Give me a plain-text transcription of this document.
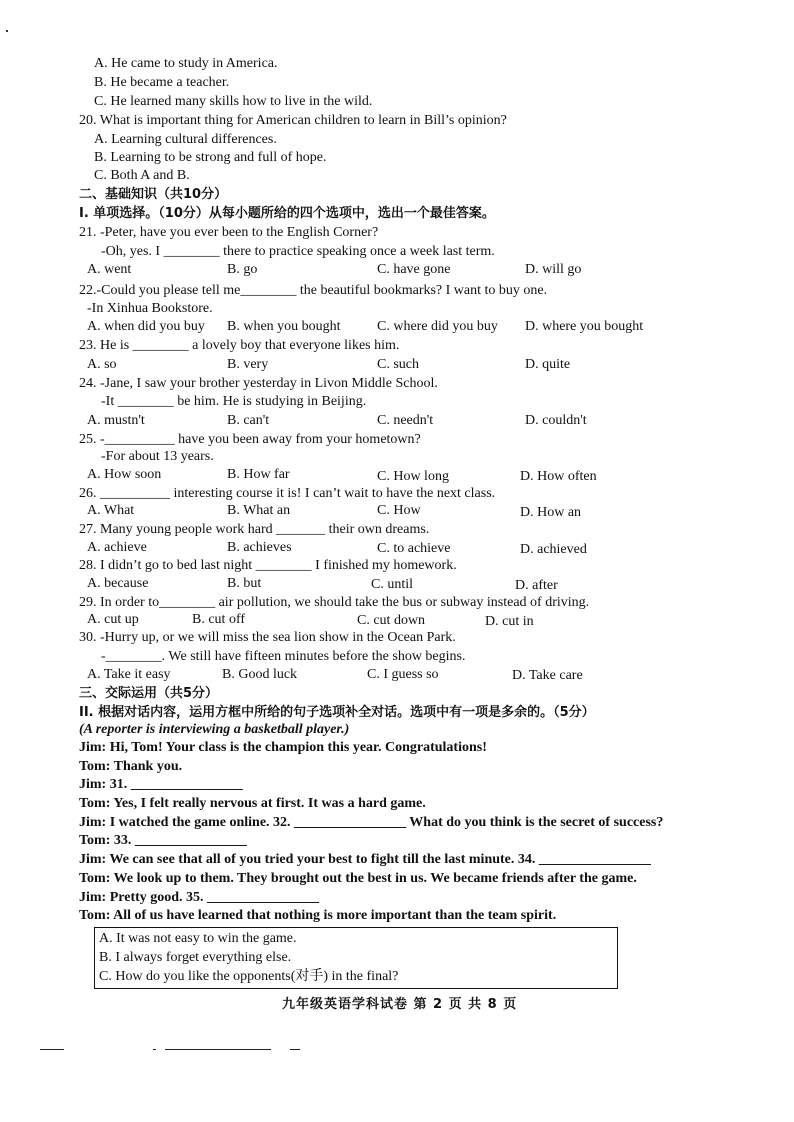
A. He came to study in America.
B. He became a teacher.
C. He learned many skills how to live in the wild.
20. What is important thing for American children to learn in Bill’s opinion?
A. Learning cultural differences.
B. Learning to be strong and full of hope.
C. Both A and B.
二、基础知识（共10分）
I. 单项选择。（10分）从每小题所给的四个选项中，选出一个最佳答案。
21. -Peter, have you ever been to the English Corner?
-Oh, yes. I ________ there to practice speaking once a week last term.
A. went	B. go	C. have gone	D. will go
22.-Could you please tell me________ the beautiful bookmarks? I want to buy one.
-In Xinhua Bookstore.
A. when did you buy B. when you bought	C. where did you buy D. where you bought
23. He is ________ a lovely boy that everyone likes him.
A. so	B. very	C. such	D. quite
24. -Jane, I saw your brother yesterday in Livon Middle School.
-It ________ be him. He is studying in Beijing.
A. mustn't	B. can't	C. needn't	D. couldn't
25. -__________ have you been away from your hometown?
-For about 13 years.
A. How soon	B. How far	C. How long	D. How often
26. __________ interesting course it is! I can’t wait to have the next class.
A. What	B. What an	C. How	D. How an
27. Many young people work hard _______ their own dreams.
A. achieve	B. achieves	C. to achieve	D. achieved
28. I didn’t go to bed last night ________ I finished my homework.
A. because	B. but	C. until	D. after
29. In order to________ air pollution, we should take the bus or subway instead of driving.
A. cut up	B. cut off	C. cut down	D. cut in
30. -Hurry up, or we will miss the sea lion show in the Ocean Park.
-________. We still have fifteen minutes before the show begins.
A. Take it easy	B. Good luck	C. I guess so	D. Take care
三、交际运用（共5分）
II. 根据对话内容，运用方框中所给的句子选项补全对话。选项中有一项是多余的。（5分）
(A reporter is interviewing a basketball player.)
Jim: Hi, Tom! Your class is the champion this year. Congratulations!
Tom: Thank you.
Jim: 31. ________________
Tom: Yes, I felt really nervous at first. It was a hard game.
Jim: I watched the game online. 32. ________________ What do you think is the secret of success?
Tom: 33. ________________
Jim: We can see that all of you tried your best to fight till the last minute. 34. ________________
Tom: We look up to them. They brought out the best in us. We became friends after the game.
Jim: Pretty good. 35. ________________
Tom: All of us have learned that nothing is more important than the team spirit.
A. It was not easy to win the game.
B. I always forget everything else.
C. How do you like the opponents(对手) in the final?
九年级英语学科试卷 第 2 页 共 8 页
